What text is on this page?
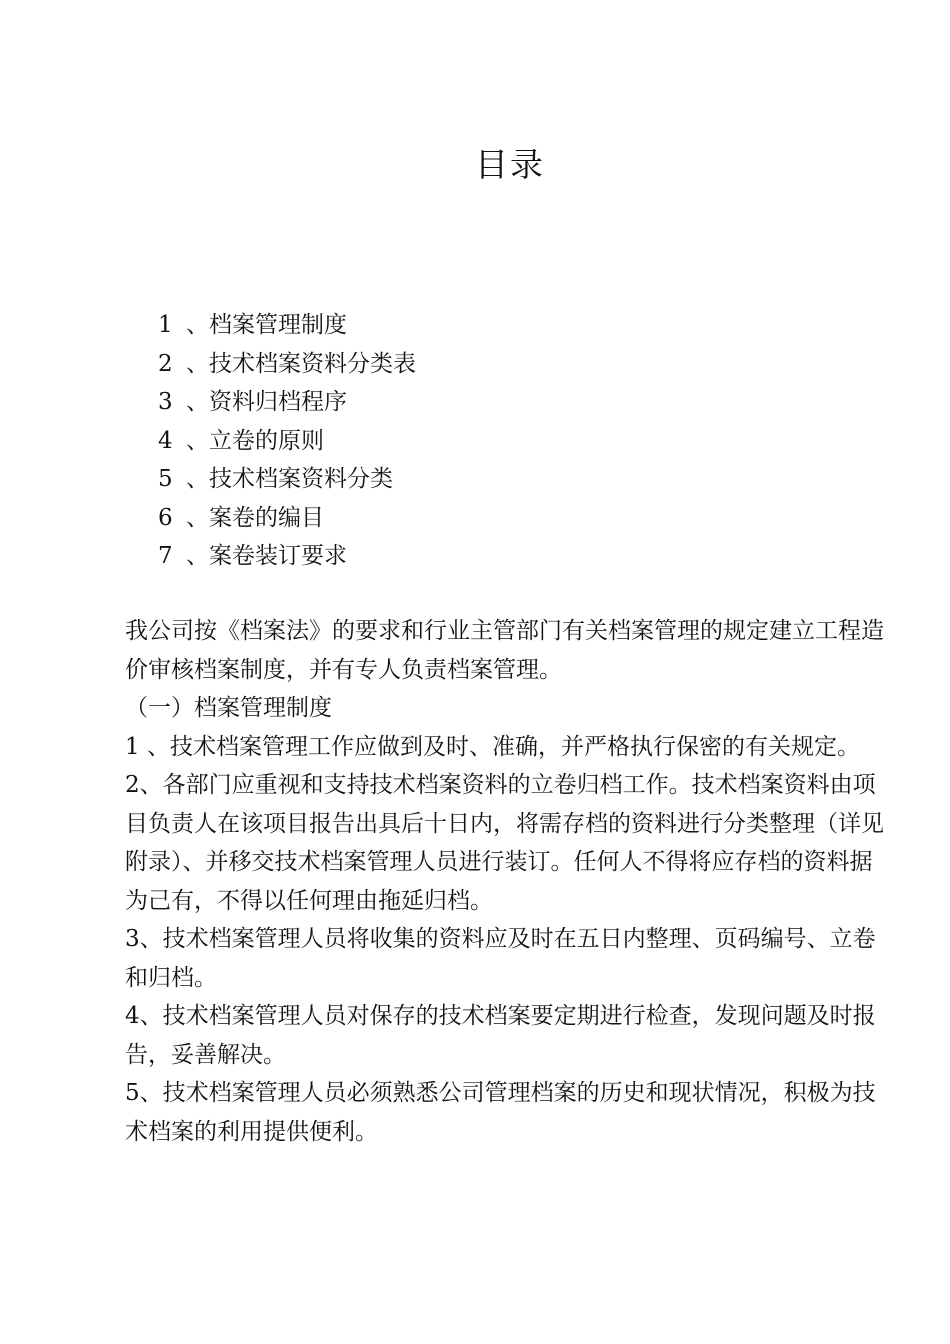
目录
1 、档案管理制度
2 、技术档案资料分类表
3 、资料归档程序
4 、立卷的原则
5 、技术档案资料分类
6 、案卷的编目
7 、案卷装订要求

我公司按《档案法》的要求和行业主管部门有关档案管理的规定建立工程造价审核档案制度，并有专人负责档案管理。

（一）档案管理制度

1 、技术档案管理工作应做到及时、准确，并严格执行保密的有关规定。

2、各部门应重视和支持技术档案资料的立卷归档工作。技术档案资料由项目负责人在该项目报告出具后十日内，将需存档的资料进行分类整理（详见附录）、并移交技术档案管理人员进行装订。任何人不得将应存档的资料据为己有，不得以任何理由拖延归档。

3、技术档案管理人员将收集的资料应及时在五日内整理、页码编号、立卷和归档。

4、技术档案管理人员对保存的技术档案要定期进行检查，发现问题及时报告，妥善解决。

5、技术档案管理人员必须熟悉公司管理档案的历史和现状情况，积极为技术档案的利用提供便利。
